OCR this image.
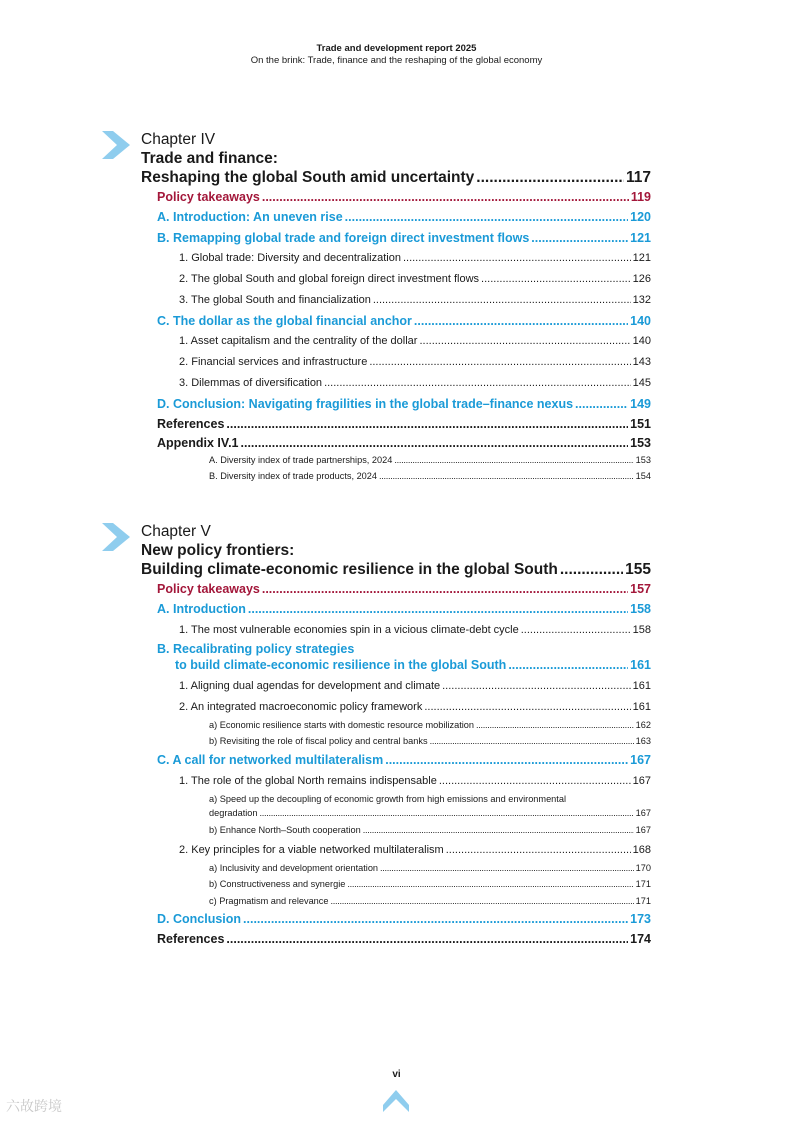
Trade and development report 2025
On the brink: Trade, finance and the reshaping of the global economy
Chapter IV
Trade and finance:
Reshaping the global South amid uncertainty .....	117
Policy takeaways .....	119
A. Introduction: An uneven rise .....	120
B. Remapping global trade and foreign direct investment flows .....	121
1. Global trade: Diversity and decentralization .....	121
2. The global South and global foreign direct investment flows .....	126
3. The global South and financialization .....	132
C. The dollar as the global financial anchor .....	140
1. Asset capitalism and the centrality of the dollar .....	140
2. Financial services and infrastructure .....	143
3. Dilemmas of diversification .....	145
D. Conclusion: Navigating fragilities in the global trade–finance nexus .....	149
References .....	151
Appendix IV.1 .....	153
A. Diversity index of trade partnerships, 2024 .....	153
B. Diversity index of trade products, 2024 .....	154
Chapter V
New policy frontiers:
Building climate-economic resilience in the global South .....	155
Policy takeaways .....	157
A. Introduction .....	158
1. The most vulnerable economies spin in a vicious climate-debt cycle .....	158
B. Recalibrating policy strategies
to build climate-economic resilience in the global South .....	161
1. Aligning dual agendas for development and climate .....	161
2. An integrated macroeconomic policy framework .....	161
a) Economic resilience starts with domestic resource mobilization .....	162
b) Revisiting the role of fiscal policy and central banks .....	163
C. A call for networked multilateralism .....	167
1. The role of the global North remains indispensable .....	167
a) Speed up the decoupling of economic growth from high emissions and environmental
degradation .....	167
b) Enhance North–South cooperation .....	167
2. Key principles for a viable networked multilateralism .....	168
a) Inclusivity and development orientation .....	170
b) Constructiveness and synergie .....	171
c) Pragmatism and relevance .....	171
D. Conclusion .....	173
References .....	174
vi
六故跨境
